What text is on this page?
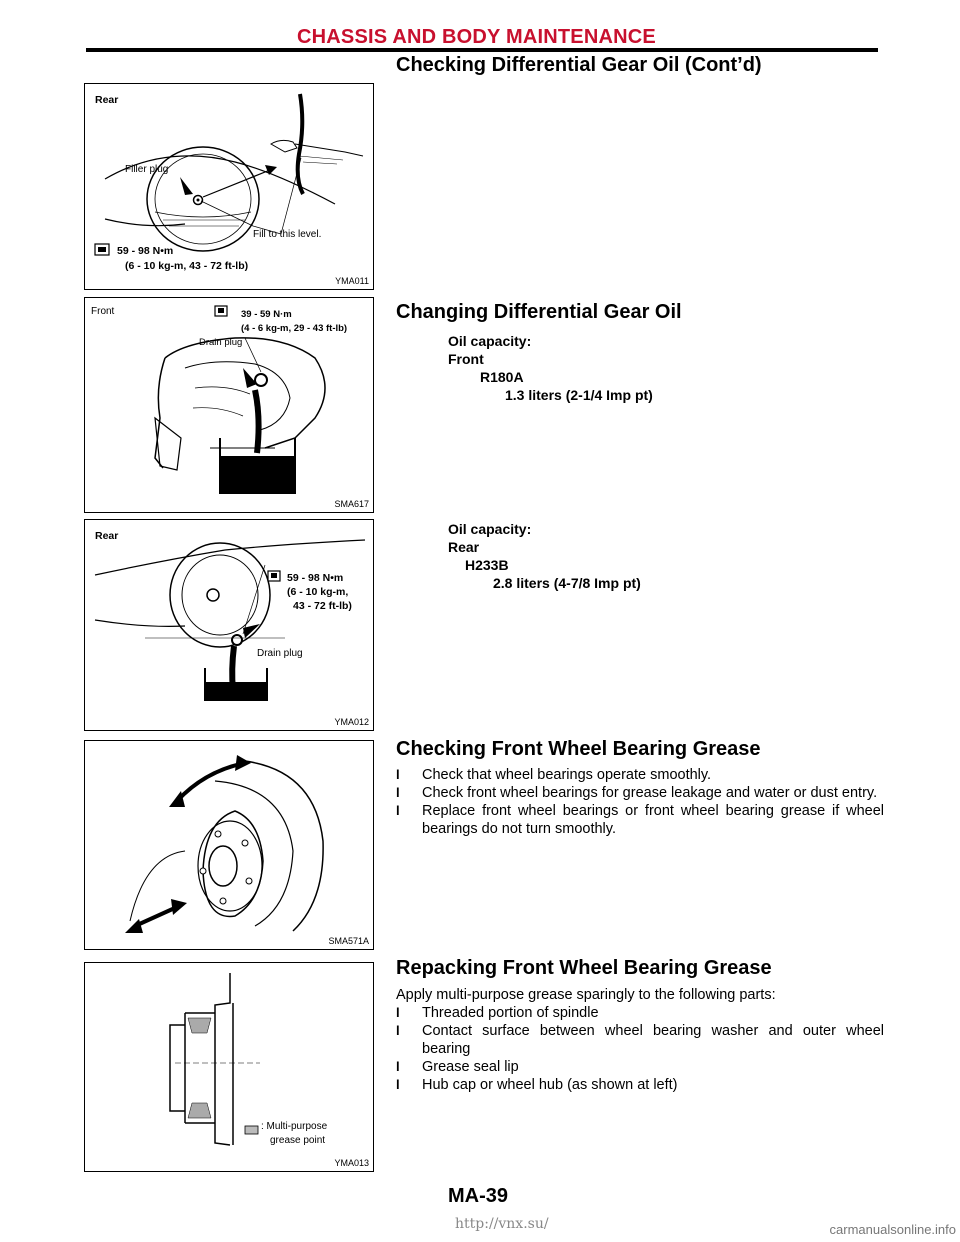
CHASSIS AND BODY MAINTENANCE
Checking Differential Gear Oil (Cont’d)
Rear
Filler plug
Fill to this level.
59 - 98 N•m
(6 - 10 kg-m, 43 - 72 ft-lb)
YMA011
Front	39 - 59 N·m
(4 - 6 kg-m, 29 - 43 ft-lb)
Drain plug
SMA617
Rear
59 - 98 N•m
(6 - 10 kg-m,
43 - 72 ft-lb)
Drain plug
YMA012
SMA571A
: Multi-purpose
grease point
YMA013
Changing Differential Gear Oil
Oil capacity:
Front
R180A
1.3 liters (2-1/4 Imp pt)
Oil capacity:
Rear
H233B
2.8 liters (4-7/8 Imp pt)
Checking Front Wheel Bearing Grease
l Check that wheel bearings operate smoothly.
l Check front wheel bearings for grease leakage and water or dust entry.
l Replace front wheel bearings or front wheel bearing grease if wheel bearings do not turn smoothly.
Repacking Front Wheel Bearing Grease
Apply multi-purpose grease sparingly to the following parts:
l Threaded portion of spindle
l Contact surface between wheel bearing washer and outer wheel bearing
l Grease seal lip
l Hub cap or wheel hub (as shown at left)
MA-39
http://vnx.su/	carmanualsonline.info
